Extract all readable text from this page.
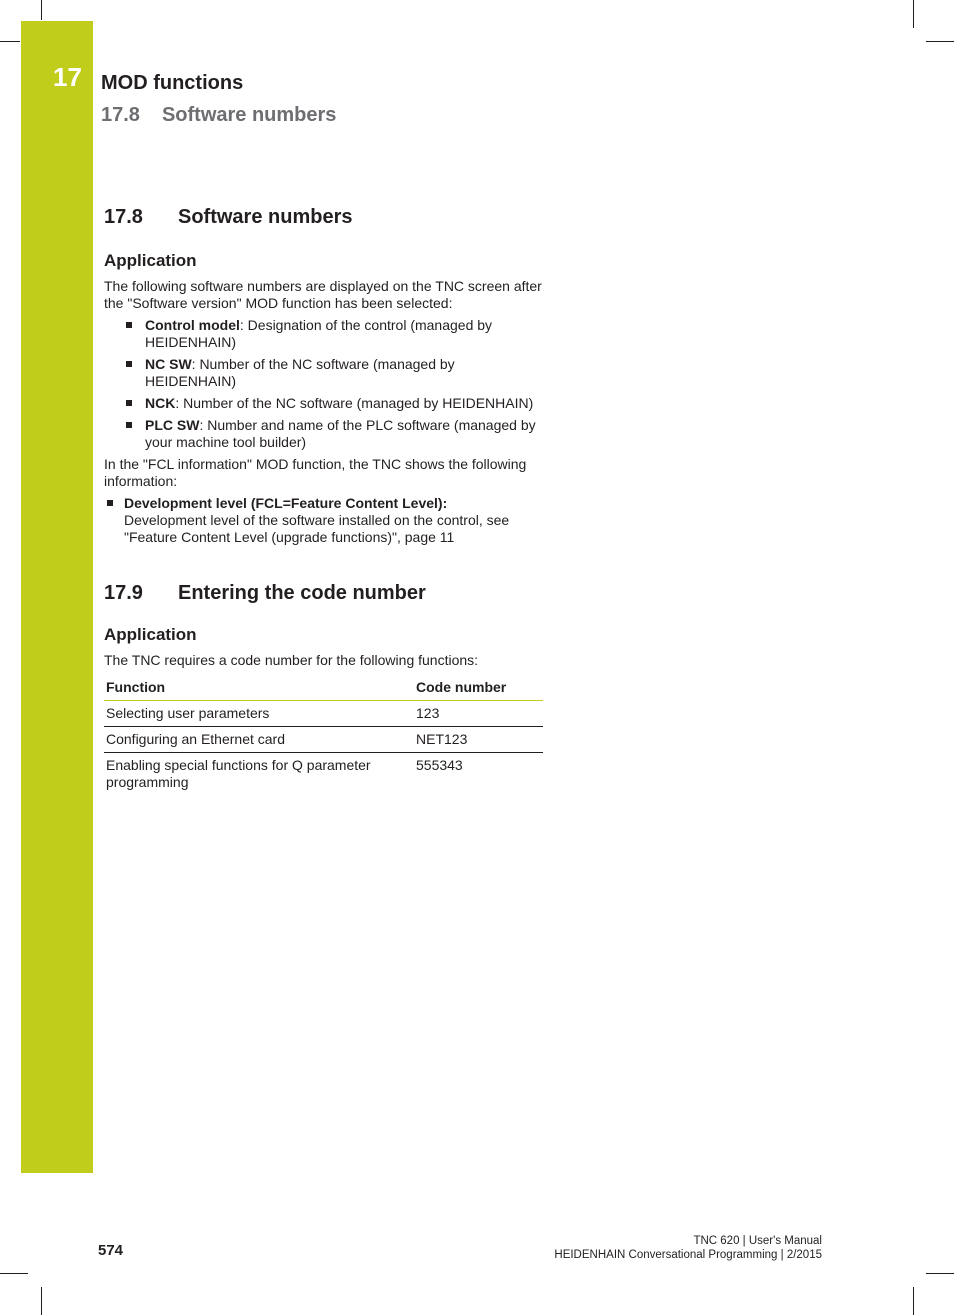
17 MOD functions
17.8 Software numbers
17.8 Software numbers
Application

The following software numbers are displayed on the TNC screen after the "Software version" MOD function has been selected:

Control model: Designation of the control (managed by HEIDENHAIN)
NC SW: Number of the NC software (managed by HEIDENHAIN)
NCK: Number of the NC software (managed by HEIDENHAIN)
PLC SW: Number and name of the PLC software (managed by your machine tool builder)

In the "FCL information" MOD function, the TNC shows the following information:

Development level (FCL=Feature Content Level):
Development level of the software installed on the control, see "Feature Content Level (upgrade functions)", page 11
17.9 Entering the code number
Application

The TNC requires a code number for the following functions:

Function	Code number
Selecting user parameters	123
Configuring an Ethernet card	NET123
Enabling special functions for Q parameter programming	555343
574
TNC 620 | User's Manual
HEIDENHAIN Conversational Programming | 2/2015
